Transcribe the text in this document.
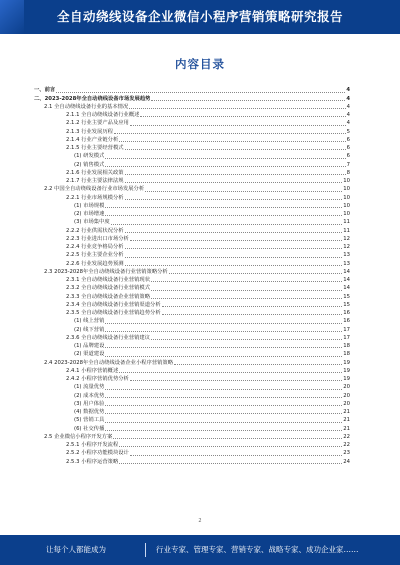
全自动绕线设备企业微信小程序营销策略研究报告
内容目录
一、前言	4
二、2023-2028年全自动绕线设备市场发展趋势	4
2.1 全自动绕线设备行业的基本情况	4
2.1.1 全自动绕线设备行业概述	4
2.1.2 行业主要产品及应用	4
2.1.3 行业发展历程	5
2.1.4 行业产业链分析	6
2.1.5 行业主要经营模式	6
(1) 研发模式	6
(2) 销售模式	7
2.1.6 行业发展相关政策	8
2.1.7 行业主要法律法规	10
2.2 中国全自动绕线设备行业市场发展分析	10
2.2.1 行业市场规模分析	10
(1) 市场规模	10
(2) 市场增速	10
(3) 市场集中度	11
2.2.2 行业供需状况分析	11
2.2.3 行业进出口市场分析	12
2.2.4 行业竞争格局分析	12
2.2.5 行业主要企业分析	13
2.2.6 行业发展趋势预测	13
2.3 2023-2028年全自动绕线设备行业营销策略分析	14
2.3.1 全自动绕线设备行业营销现状	14
2.3.2 全自动绕线设备行业营销模式	14
2.3.3 全自动绕线设备企业营销策略	15
2.3.4 全自动绕线设备行业营销渠道分析	15
2.3.5 全自动绕线设备行业营销趋势分析	16
(1) 线上营销	16
(2) 线下营销	17
2.3.6 全自动绕线设备行业营销建议	17
(1) 品牌建设	18
(2) 渠道建设	18
2.4 2023-2028年全自动绕线设备企业小程序营销策略	19
2.4.1 小程序营销概述	19
2.4.2 小程序营销优势分析	19
(1) 流量优势	20
(2) 成本优势	20
(3) 用户体验	20
(4) 数据优势	21
(5) 营销工具	21
(6) 社交传播	21
2.5 企业微信小程序开发方案	22
2.5.1 小程序开发流程	22
2.5.2 小程序功能模块设计	23
2.5.3 小程序运营策略	24
2
让每个人都能成为	行业专家、管理专家、营销专家、战略专家、成功企业家……
